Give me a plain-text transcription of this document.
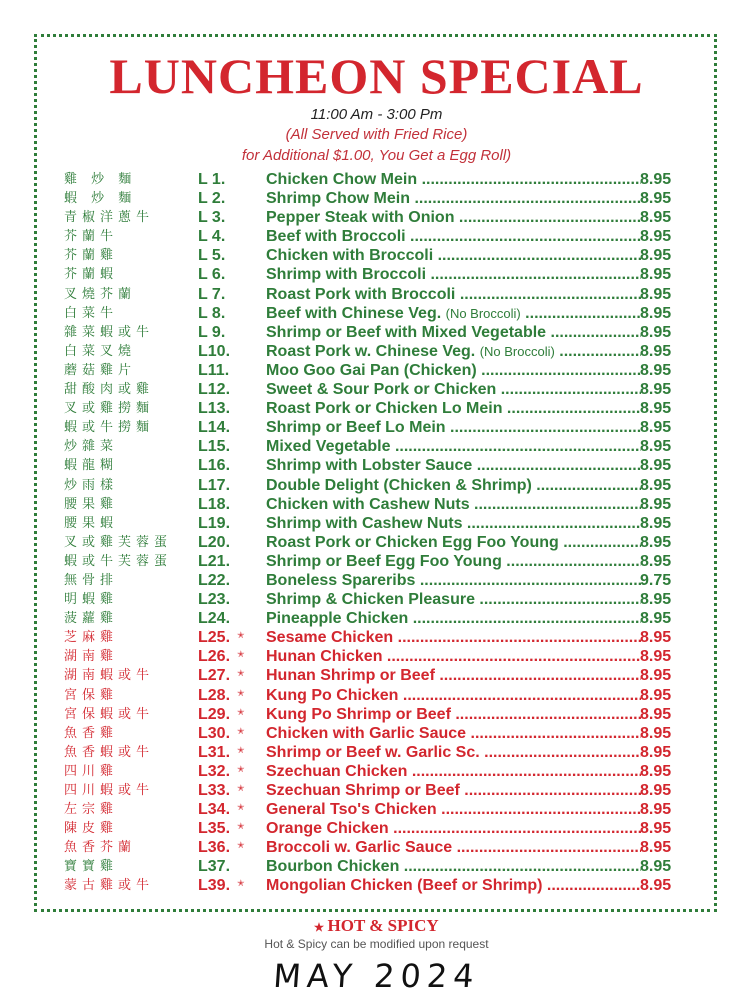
LUNCHEON SPECIAL
11:00 Am - 3:00 Pm
(All Served with Fried Rice)
for Additional $1.00, You Get a Egg Roll)
雞 炒 麵	L 1.	Chicken Chow Mein .....	8.95
蝦 炒 麵	L 2.	Shrimp Chow Mein .....	8.95
青椒洋蔥牛	L 3.	Pepper Steak with Onion .....	8.95
芥蘭牛	L 4.	Beef with Broccoli .....	8.95
芥蘭雞	L 5.	Chicken with Broccoli .....	8.95
芥蘭蝦	L 6.	Shrimp with Broccoli .....	8.95
叉燒芥蘭	L 7.	Roast Pork with Broccoli .....	8.95
白菜牛	L 8.	Beef with Chinese Veg. (No Broccoli) .....	8.95
雜菜蝦或牛	L 9.	Shrimp or Beef with Mixed Vegetable .....	8.95
白菜叉燒	L10.	Roast Pork w. Chinese Veg. (No Broccoli) .....	8.95
蘑菇雞片	L11.	Moo Goo Gai Pan (Chicken) .....	8.95
甜酸肉或雞	L12.	Sweet & Sour Pork or Chicken .....	8.95
叉或雞撈麵	L13.	Roast Pork or Chicken Lo Mein .....	8.95
蝦或牛撈麵	L14.	Shrimp or Beef Lo Mein .....	8.95
炒雜菜	L15.	Mixed Vegetable .....	8.95
蝦龍糊	L16.	Shrimp with Lobster Sauce .....	8.95
炒雨樣	L17.	Double Delight (Chicken & Shrimp) .....	8.95
腰果雞	L18.	Chicken with Cashew Nuts .....	8.95
腰果蝦	L19.	Shrimp with Cashew Nuts .....	8.95
叉或雞芙蓉蛋	L20.	Roast Pork or Chicken Egg Foo Young .....	8.95
蝦或牛芙蓉蛋	L21.	Shrimp or Beef Egg Foo Young .....	8.95
無骨排	L22.	Boneless Spareribs .....	9.75
明蝦雞	L23.	Shrimp & Chicken Pleasure .....	8.95
菠蘿雞	L24.	Pineapple Chicken .....	8.95
芝麻雞	L25. ✭ Sesame Chicken .....	8.95
湖南雞	L26. ✭ Hunan Chicken .....	8.95
湖南蝦或牛	L27. ✭ Hunan Shrimp or Beef .....	8.95
宮保雞	L28. ✭ Kung Po Chicken .....	8.95
宮保蝦或牛	L29. ✭ Kung Po Shrimp or Beef .....	8.95
魚香雞	L30. ✭ Chicken with Garlic Sauce .....	8.95
魚香蝦或牛	L31. ✭ Shrimp or Beef w. Garlic Sc. .....	8.95
四川雞	L32. ✭ Szechuan Chicken .....	8.95
四川蝦或牛	L33. ✭ Szechuan Shrimp or Beef .....	8.95
左宗雞	L34. ✭ General Tso's Chicken .....	8.95
陳皮雞	L35. ✭ Orange Chicken .....	8.95
魚香芥蘭	L36. ✭ Broccoli w. Garlic Sauce .....	8.95
寶寶雞	L37.	Bourbon Chicken .....	8.95
蒙古雞或牛	L39. ✭ Mongolian Chicken (Beef or Shrimp) .....	8.95
✭ HOT & SPICY
Hot & Spicy can be modified upon request
MAY 2024
